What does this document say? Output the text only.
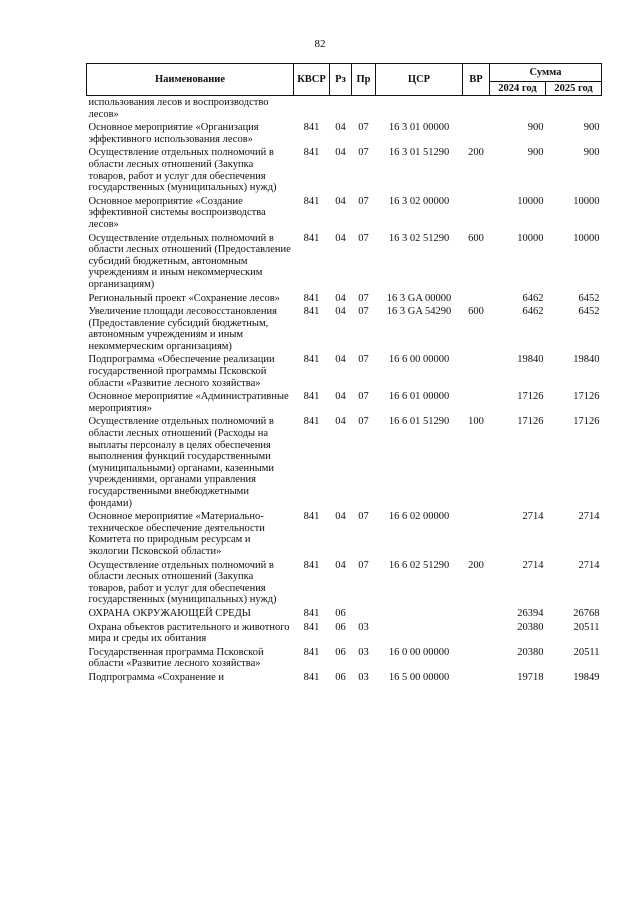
82
Наименование	КВСР	Рз	Пр	ЦСР	ВР	Сумма	
						2024 год	2025 год
использования лесов и воспроизводство лесов»							
Основное мероприятие «Организация эффективного использования лесов»	841	04	07	16 3 01 00000		900	900
Осуществление отдельных полномочий в области лесных отношений (Закупка товаров, работ и услуг для обеспечения государственных (муниципальных) нужд)	841	04	07	16 3 01 51290	200	900	900
Основное мероприятие «Создание эффективной системы воспроизводства лесов»	841	04	07	16 3 02 00000		10000	10000
Осуществление отдельных полномочий в области лесных отношений (Предоставление субсидий бюджетным, автономным учреждениям и иным некоммерческим организациям)	841	04	07	16 3 02 51290	600	10000	10000
Региональный проект «Сохранение лесов»	841	04	07	16 3 GA 00000		6462	6452
Увеличение площади лесовосстановления (Предоставление субсидий бюджетным, автономным учреждениям и иным некоммерческим организациям)	841	04	07	16 3 GA 54290	600	6462	6452
Подпрограмма «Обеспечение реализации государственной программы Псковской области «Развитие лесного хозяйства»	841	04	07	16 6 00 00000		19840	19840
Основное мероприятие «Административные мероприятия»	841	04	07	16 6 01 00000		17126	17126
Осуществление отдельных полномочий в области лесных отношений (Расходы на выплаты персоналу в целях обеспечения выполнения функций государственными (муниципальными) органами, казенными учреждениями, органами управления государственными внебюджетными фондами)	841	04	07	16 6 01 51290	100	17126	17126
Основное мероприятие «Материально-техническое обеспечение деятельности Комитета по природным ресурсам и экологии Псковской области»	841	04	07	16 6 02 00000		2714	2714
Осуществление отдельных полномочий в области лесных отношений (Закупка товаров, работ и услуг для обеспечения государственных (муниципальных) нужд)	841	04	07	16 6 02 51290	200	2714	2714
ОХРАНА ОКРУЖАЮЩЕЙ СРЕДЫ	841	06				26394	26768
Охрана объектов растительного и животного мира и среды их обитания	841	06	03			20380	20511
Государственная программа Псковской области «Развитие лесного хозяйства»	841	06	03	16 0 00 00000		20380	20511
Подпрограмма «Сохранение и	841	06	03	16 5 00 00000		19718	19849
